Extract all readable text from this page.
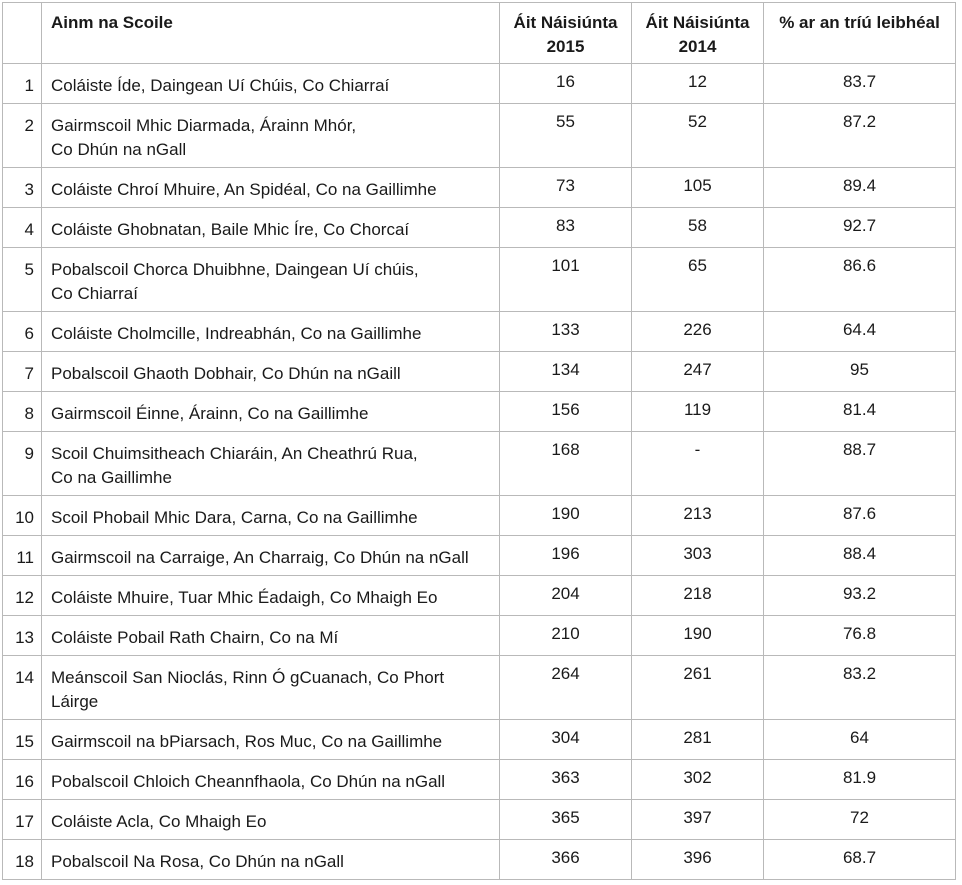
	Ainm na Scoile	Áit Náisiúnta 2015	Áit Náisiúnta 2014	% ar an tríú leibhéal
1	Coláiste Íde, Daingean Uí Chúis, Co Chiarraí	16	12	83.7
2	Gairmscoil Mhic Diarmada, Árainn Mhór,
Co Dhún na nGall	55	52	87.2
3	Coláiste Chroí Mhuire, An Spidéal, Co na Gaillimhe	73	105	89.4
4	Coláiste Ghobnatan, Baile Mhic Íre, Co Chorcaí	83	58	92.7
5	Pobalscoil Chorca Dhuibhne, Daingean Uí chúis,
Co Chiarraí	101	65	86.6
6	Coláiste Cholmcille, Indreabhán, Co na Gaillimhe	133	226	64.4
7	Pobalscoil Ghaoth Dobhair, Co Dhún na nGaill	134	247	95
8	Gairmscoil Éinne, Árainn, Co na Gaillimhe	156	119	81.4
9	Scoil Chuimsitheach Chiaráin, An Cheathrú Rua,
Co na Gaillimhe	168	-	88.7
10	Scoil Phobail Mhic Dara, Carna, Co na Gaillimhe	190	213	87.6
11	Gairmscoil na Carraige, An Charraig, Co Dhún na nGall	196	303	88.4
12	Coláiste Mhuire, Tuar Mhic Éadaigh, Co Mhaigh Eo	204	218	93.2
13	Coláiste Pobail Rath Chairn, Co na Mí	210	190	76.8
14	Meánscoil San Nioclás, Rinn Ó gCuanach, Co Phort
Láirge	264	261	83.2
15	Gairmscoil na bPiarsach, Ros Muc, Co na Gaillimhe	304	281	64
16	Pobalscoil Chloich Cheannfhaola, Co Dhún na nGall	363	302	81.9
17	Coláiste Acla, Co Mhaigh Eo	365	397	72
18	Pobalscoil Na Rosa, Co Dhún na nGall	366	396	68.7
